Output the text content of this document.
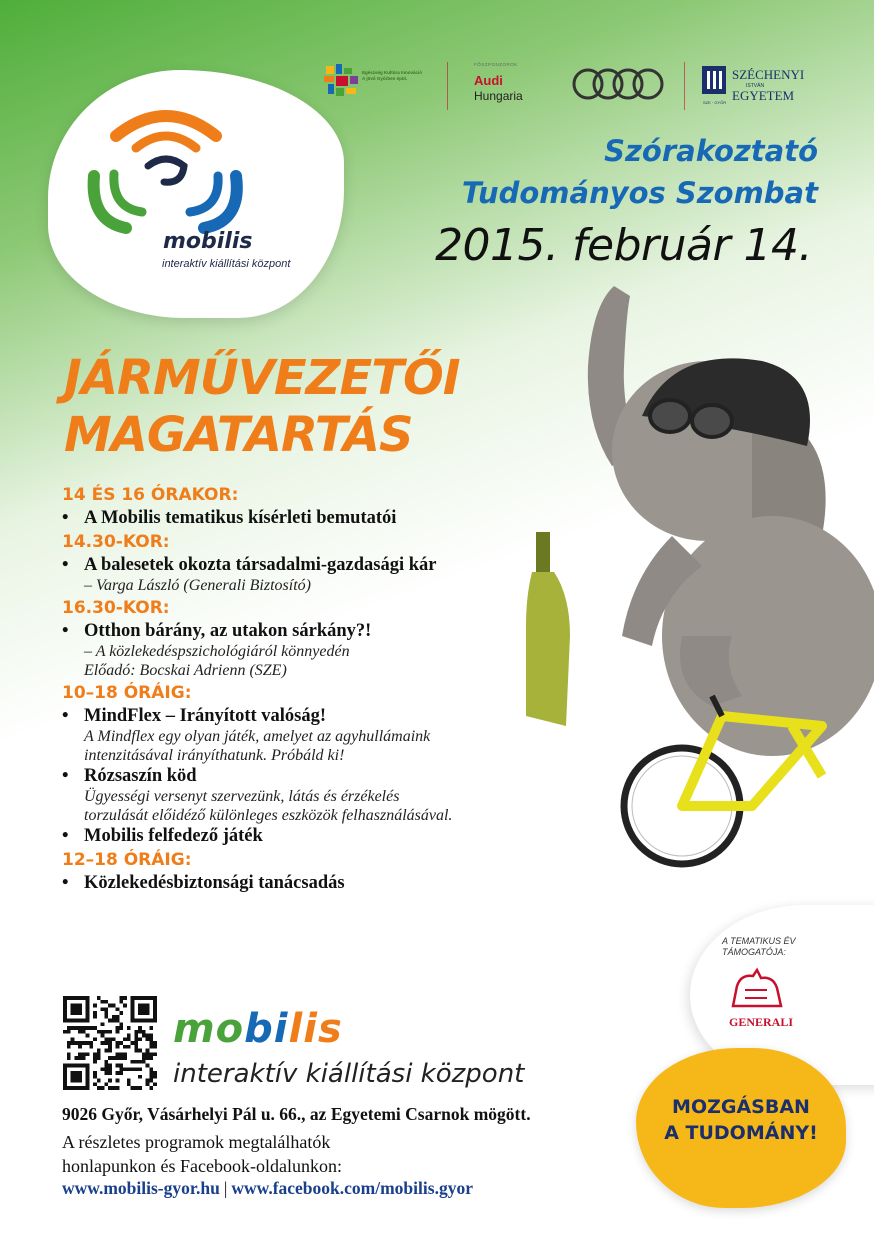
mobilis
interaktív kiállítási központ
Egészség Kultúra Innováció A jövő Győrben épül.
FŐSZPONZOROK
Audi
Hungaria
SZÉCHENYI
ISTVÁN
EGYETEM
SZE · GYŐR
Szórakoztató
Tudományos Szombat
2015. február 14.
JÁRMŰVEZETŐI
MAGATARTÁS
14 ÉS 16 ÓRAKOR:
• A Mobilis tematikus kísérleti bemutatói
14.30-KOR:
• A balesetek okozta társadalmi-gazdasági kár
– Varga László (Generali Biztosító)
16.30-KOR:
• Otthon bárány, az utakon sárkány?!
– A közlekedéspszichológiáról könnyedén
Előadó: Bocskai Adrienn (SZE)
10–18 ÓRÁIG:
• MindFlex – Irányított valóság!
A Mindflex egy olyan játék, amelyet az agyhullámaink
intenzitásával irányíthatunk. Próbáld ki!
• Rózsaszín köd
Ügyességi versenyt szervezünk, látás és érzékelés
torzulását előidéző különleges eszközök felhasználásával.
• Mobilis felfedező játék
12–18 ÓRÁIG:
• Közlekedésbiztonsági tanácsadás
A TEMATIKUS ÉV TÁMOGATÓJA:
GENERALI
mobilis
interaktív kiállítási központ
9026 Győr, Vásárhelyi Pál u. 66., az Egyetemi Csarnok mögött.
A részletes programok megtalálhatók
honlapunkon és Facebook-oldalunkon:
www.mobilis-gyor.hu | www.facebook.com/mobilis.gyor
MOZGÁSBAN
A TUDOMÁNY!
